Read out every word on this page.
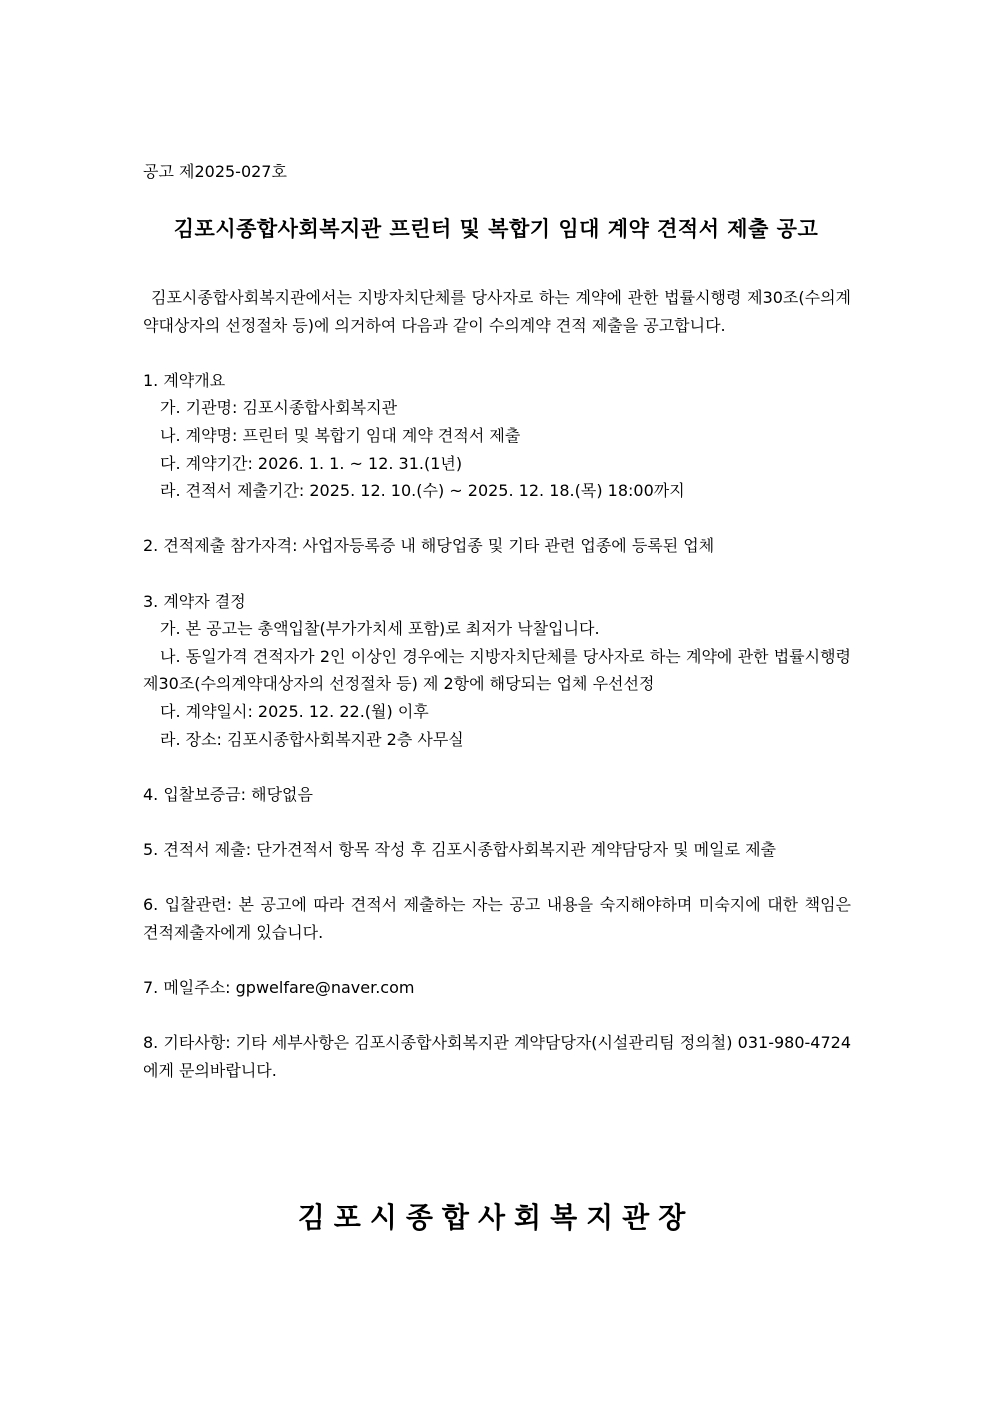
공고 제2025-027호
김포시종합사회복지관 프린터 및 복합기 임대 계약 견적서 제출 공고

김포시종합사회복지관에서는 지방자치단체를 당사자로 하는 계약에 관한 법률시행령 제30조(수의계약대상자의 선정절차 등)에 의거하여 다음과 같이 수의계약 견적 제출을 공고합니다.

1. 계약개요

가. 기관명: 김포시종합사회복지관

나. 계약명: 프린터 및 복합기 임대 계약 견적서 제출

다. 계약기간: 2026. 1. 1. ~ 12. 31.(1년)

라. 견적서 제출기간: 2025. 12. 10.(수) ~ 2025. 12. 18.(목) 18:00까지

2. 견적제출 참가자격: 사업자등록증 내 해당업종 및 기타 관련 업종에 등록된 업체

3. 계약자 결정

가. 본 공고는 총액입찰(부가가치세 포함)로 최저가 낙찰입니다.

나. 동일가격 견적자가 2인 이상인 경우에는 지방자치단체를 당사자로 하는 계약에 관한 법률시행령 제30조(수의계약대상자의 선정절차 등) 제 2항에 해당되는 업체 우선선정

다. 계약일시: 2025. 12. 22.(월) 이후

라. 장소: 김포시종합사회복지관 2층 사무실

4. 입찰보증금: 해당없음

5. 견적서 제출: 단가견적서 항목 작성 후 김포시종합사회복지관 계약담당자 및 메일로 제출

6. 입찰관련: 본 공고에 따라 견적서 제출하는 자는 공고 내용을 숙지해야하며 미숙지에 대한 책임은 견적제출자에게 있습니다.

7. 메일주소: gpwelfare@naver.com

8. 기타사항: 기타 세부사항은 김포시종합사회복지관 계약담당자(시설관리팀 정의철) 031-980-4724에게 문의바랍니다.

김포시종합사회복지관장
